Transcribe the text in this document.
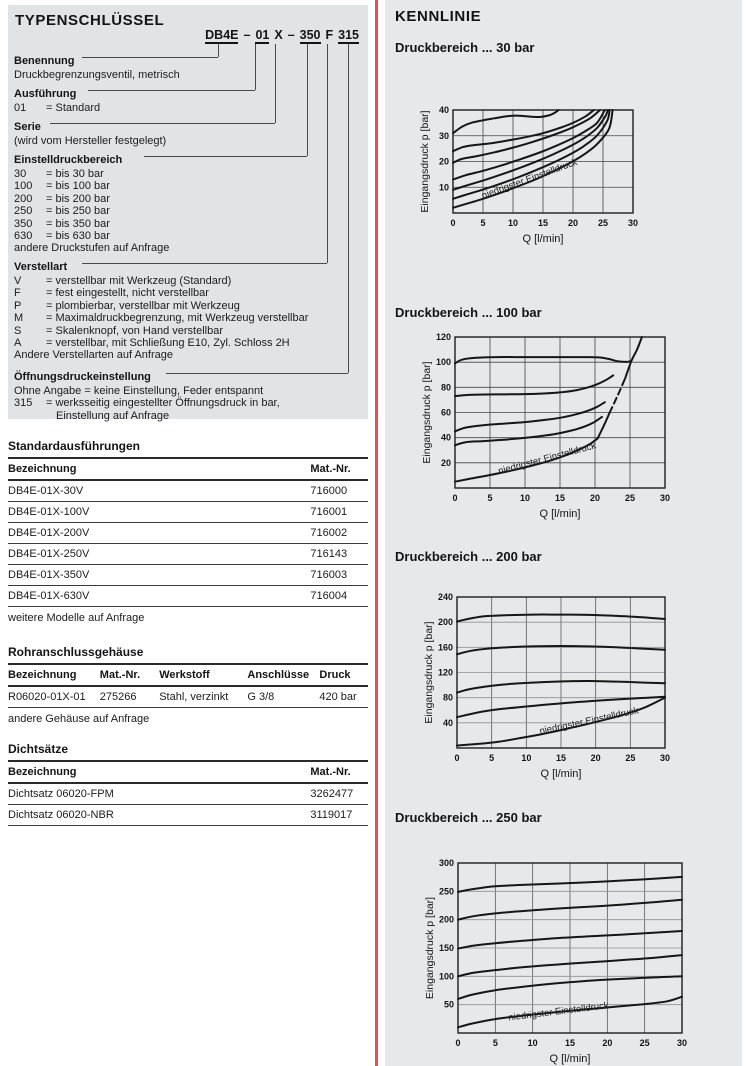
TYPENSCHLÜSSEL
DB4E – 01 X – 350 F 315
Benennung
Druckbegrenzungsventil, metrisch
Ausführung
01 = Standard
Serie
(wird vom Hersteller festgelegt)
Einstelldruckbereich
30 = bis 30 bar
100 = bis 100 bar
200 = bis 200 bar
250 = bis 250 bar
350 = bis 350 bar
630 = bis 630 bar
andere Druckstufen auf Anfrage
Verstellart
V = verstellbar mit Werkzeug (Standard)
F = fest eingestellt, nicht verstellbar
P = plombierbar, verstellbar mit Werkzeug
M = Maximaldruckbegrenzung, mit Werkzeug verstellbar
S = Skalenknopf, von Hand verstellbar
A = verstellbar, mit Schließung E10, Zyl. Schloss 2H
Andere Verstellarten auf Anfrage
Öffnungsdruckeinstellung
Ohne Angabe = keine Einstellung, Feder entspannt
315 = werksseitig eingestellter Öffnungsdruck in bar,
Einstellung auf Anfrage
Standardausführungen
Bezeichnung	Mat.-Nr.
DB4E-01X-30V	716000
DB4E-01X-100V	716001
DB4E-01X-200V	716002
DB4E-01X-250V	716143
DB4E-01X-350V	716003
DB4E-01X-630V	716004
weitere Modelle auf Anfrage
Rohranschlussgehäuse
Bezeichnung	Mat.-Nr.	Werkstoff	Anschlüsse	Druck
R06020-01X-01	275266	Stahl, verzinkt	G 3/8	420 bar
andere Gehäuse auf Anfrage
Dichtsätze
Bezeichnung	Mat.-Nr.
Dichtsatz 06020-FPM	3262477
Dichtsatz 06020-NBR	3119017
KENNLINIE
Druckbereich ... 30 bar
0	5 10 15 20 25 30
10
20
30
40
Q [l/min]
Eingangsdruck p [bar]	niedrigster Einstelldruck
Druckbereich ... 100 bar
0	5	10	15	20	25	30
20
40
60
80
100
120
Q [l/min]
Eingangsdruck p [bar]	niedrigster Einstelldruck
Druckbereich ... 200 bar
0	5	10	15	20	25	30
40
80
120
160
200
240
Q [l/min]
Eingangsdruck p [bar]	niedrigster Einstelldruck
Druckbereich ... 250 bar
0	5	10	15	20	25	30
50
100
150
200
250
300
Q [l/min]
Eingangsdruck p [bar]
niedrigster Einstelldruck
